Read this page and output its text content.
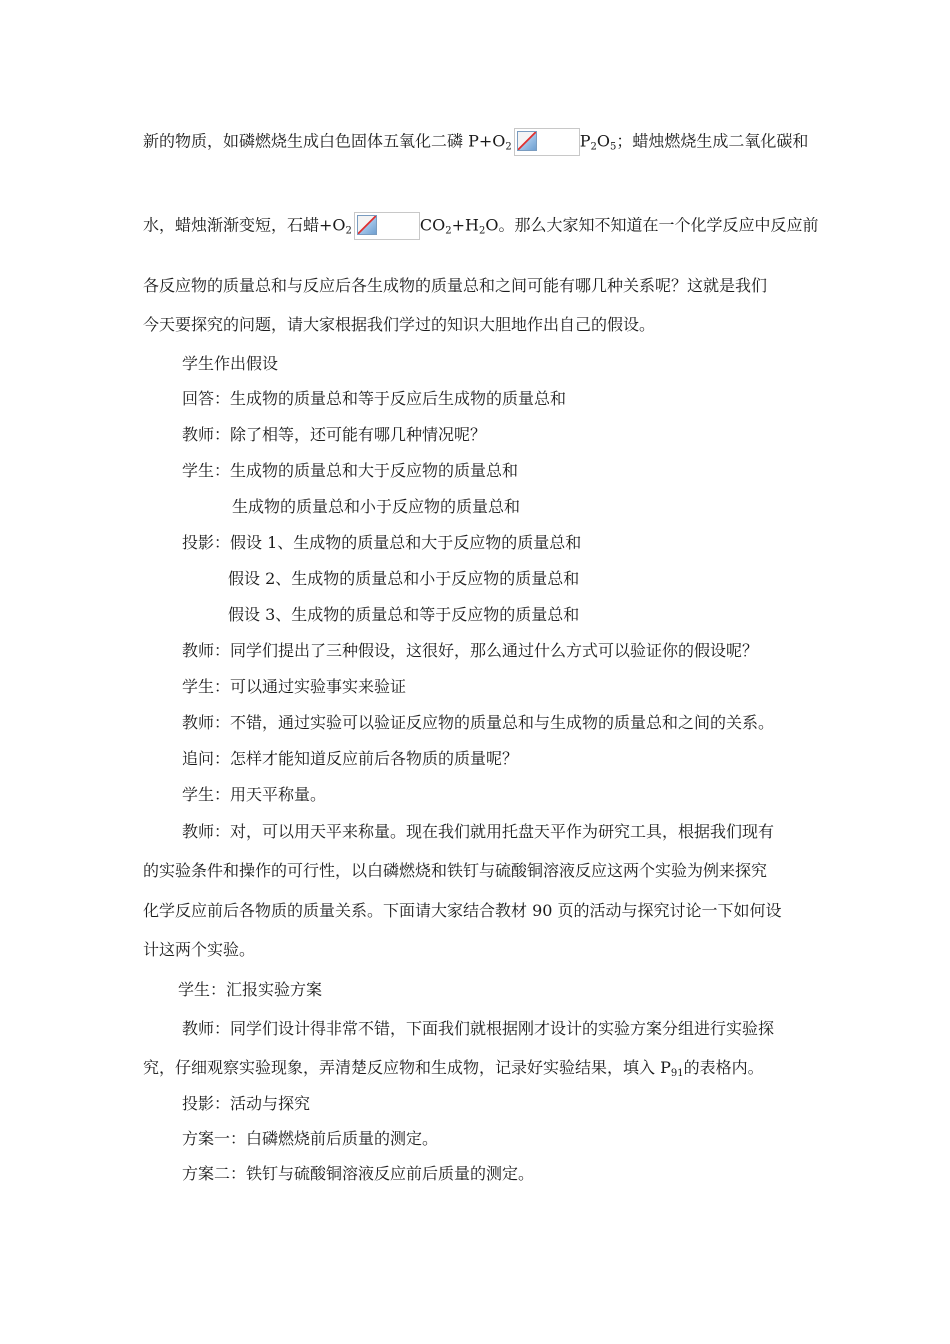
新的物质，如磷燃烧生成白色固体五氧化二磷 $P+O_2$	$P_2O_5$；蜡烛燃烧生成二氧化碳和
水，蜡烛渐渐变短，石蜡$+O_2$	$CO_2+H_2O$。那么大家知不知道在一个化学反应中反应前
各反应物的质量总和与反应后各生成物的质量总和之间可能有哪几种关系呢？这就是我们
今天要探究的问题，请大家根据我们学过的知识大胆地作出自己的假设。
学生作出假设
回答：生成物的质量总和等于反应后生成物的质量总和
教师：除了相等，还可能有哪几种情况呢？
学生：生成物的质量总和大于反应物的质量总和
生成物的质量总和小于反应物的质量总和
投影：假设 1、生成物的质量总和大于反应物的质量总和
假设 2、生成物的质量总和小于反应物的质量总和
假设 3、生成物的质量总和等于反应物的质量总和
教师：同学们提出了三种假设，这很好，那么通过什么方式可以验证你的假设呢？
学生：可以通过实验事实来验证
教师：不错，通过实验可以验证反应物的质量总和与生成物的质量总和之间的关系。
追问：怎样才能知道反应前后各物质的质量呢？
学生：用天平称量。
教师：对，可以用天平来称量。现在我们就用托盘天平作为研究工具，根据我们现有
的实验条件和操作的可行性，以白磷燃烧和铁钉与硫酸铜溶液反应这两个实验为例来探究
化学反应前后各物质的质量关系。下面请大家结合教材 90 页的活动与探究讨论一下如何设
计这两个实验。
学生：汇报实验方案
教师：同学们设计得非常不错，下面我们就根据刚才设计的实验方案分组进行实验探
究，仔细观察实验现象，弄清楚反应物和生成物，记录好实验结果，填入 $P_{91}$的表格内。
投影：活动与探究
方案一：白磷燃烧前后质量的测定。
方案二：铁钉与硫酸铜溶液反应前后质量的测定。
